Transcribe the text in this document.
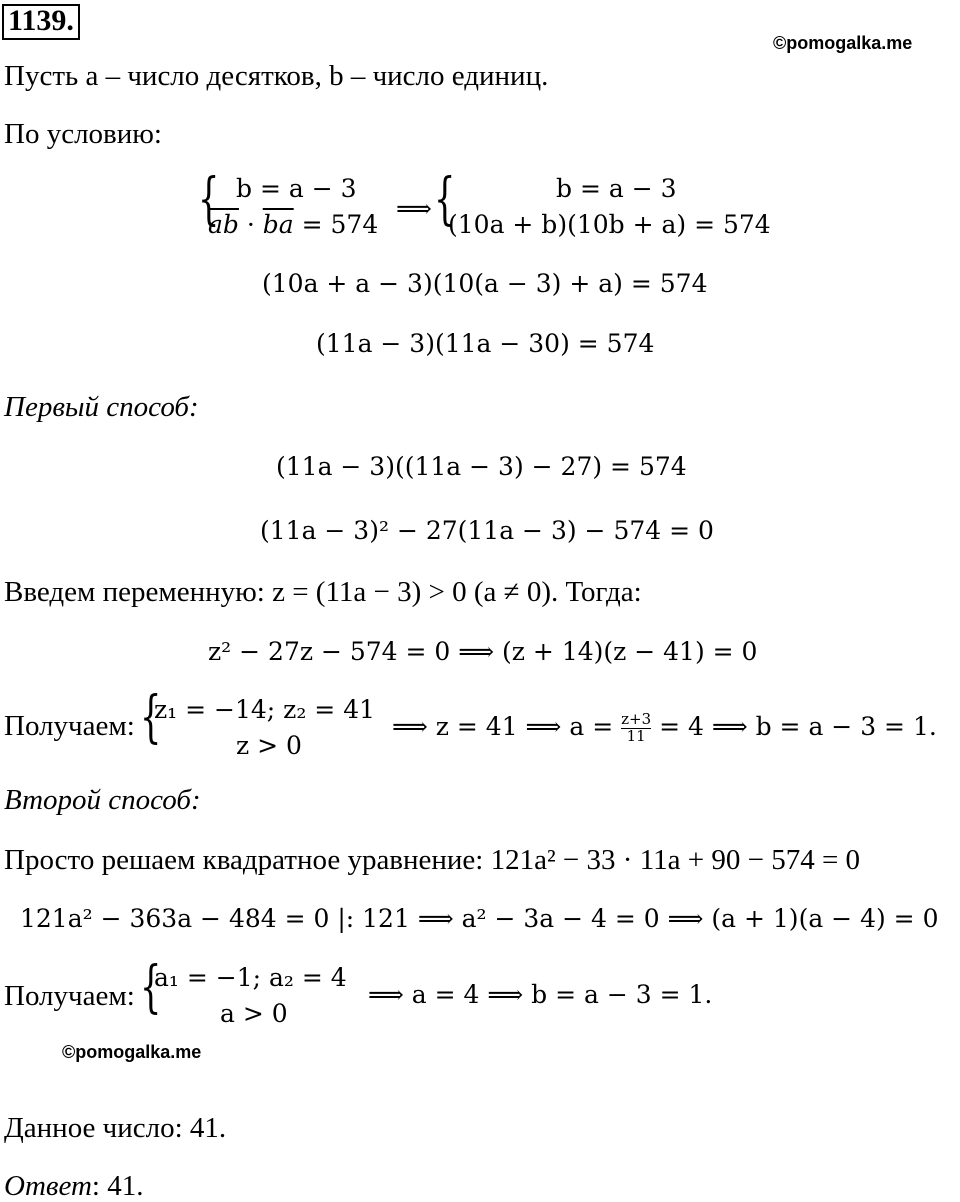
1139.
©pomogalka.me
Пусть a – число десятков, b – число единиц.
По условию:
{ b = a − 3
$\overline{ab} \cdot \overline{ba} = 574$
⟹ {	b = a − 3
(10a + b)(10b + a) = 574
(10a + a − 3)(10(a − 3) + a) = 574
(11a − 3)(11a − 30) = 574
Первый способ:
(11a − 3)((11a − 3) − 27) = 574
(11a − 3)² − 27(11a − 3) − 574 = 0
Введем переменную: z = (11a − 3) > 0 (a ≠ 0). Тогда:
z² − 27z − 574 = 0 ⟹ (z + 14)(z − 41) = 0
Получаем: {
z₁ = −14; z₂ = 41
z > 0
⟹ z = 41 ⟹ $a = \frac{z+3}{11} = 4$ ⟹ b = a − 3 = 1.
Второй способ:
Просто решаем квадратное уравнение: 121a² − 33 · 11a + 90 − 574 = 0
121a² − 363a − 484 = 0 |: 121 ⟹ a² − 3a − 4 = 0 ⟹ (a + 1)(a − 4) = 0
Получаем: {
a₁ = −1; a₂ = 4
a > 0
⟹ a = 4 ⟹ b = a − 3 = 1.
©pomogalka.me
Данное число: 41.
Ответ: 41.
